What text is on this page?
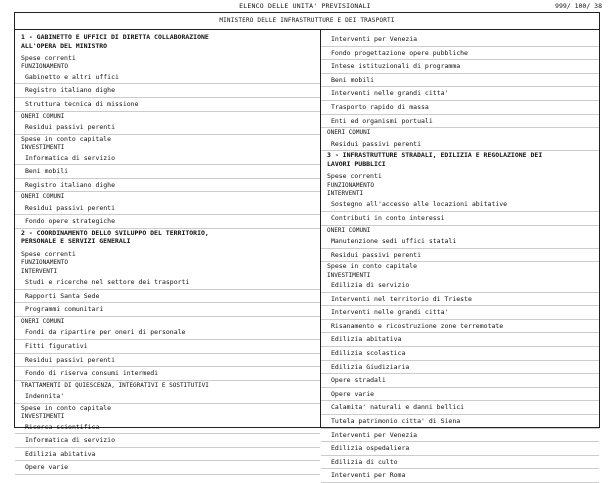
ELENCO DELLE UNITA' PREVISIONALI	999/ 100/ 38
MINISTERO DELLE INFRASTRUTTURE E DEI TRASPORTI
1 - GABINETTO E UFFICI DI DIRETTA COLLABORAZIONE
ALL'OPERA DEL MINISTRO
Spese correnti
FUNZIONAMENTO
Gabinetto e altri uffici
Registro italiano dighe
Struttura tecnica di missione
ONERI COMUNI
Residui passivi perenti
Spese in conto capitale
INVESTIMENTI
Informatica di servizio
Beni mobili
Registro italiano dighe
ONERI COMUNI
Residui passivi perenti
Fondo opere strategiche
2 - COORDINAMENTO DELLO SVILUPPO DEL TERRITORIO,
PERSONALE E SERVIZI GENERALI
Spese correnti
FUNZIONAMENTO
INTERVENTI
Studi e ricerche nel settore dei trasporti
Rapporti Santa Sede
Programmi comunitari
ONERI COMUNI
Fondi da ripartire per oneri di personale
Fitti figurativi
Residui passivi perenti
Fondo di riserva consumi intermedi
TRATTAMENTI DI QUIESCENZA, INTEGRATIVI E SOSTITUTIVI
Indennita'
Spese in conto capitale
INVESTIMENTI
Ricerca scientifica
Informatica di servizio
Edilizia abitativa
Opere varie
Interventi per Venezia
Fondo progettazione opere pubbliche
Intese istituzionali di programma
Beni mobili
Interventi nelle grandi citta'
Trasporto rapido di massa
Enti ed organismi portuali
ONERI COMUNI
Residui passivi perenti
3 - INFRASTRUTTURE STRADALI, EDILIZIA E REGOLAZIONE DEI
LAVORI PUBBLICI
Spese correnti
FUNZIONAMENTO
INTERVENTI
Sostegno all'accesso alle locazioni abitative
Contributi in conto interessi
ONERI COMUNI
Manutenzione sedi uffici statali
Residui passivi perenti
Spese in conto capitale
INVESTIMENTI
Edilizia di servizio
Interventi nel territorio di Trieste
Interventi nelle grandi citta'
Risanamento e ricostruzione zone terremotate
Edilizia abitativa
Edilizia scolastica
Edilizia Giudiziaria
Opere stradali
Opere varie
Calamita' naturali e danni bellici
Tutela patrimonio citta' di Siena
Interventi per Venezia
Edilizia ospedaliera
Edilizia di culto
Interventi per Roma
